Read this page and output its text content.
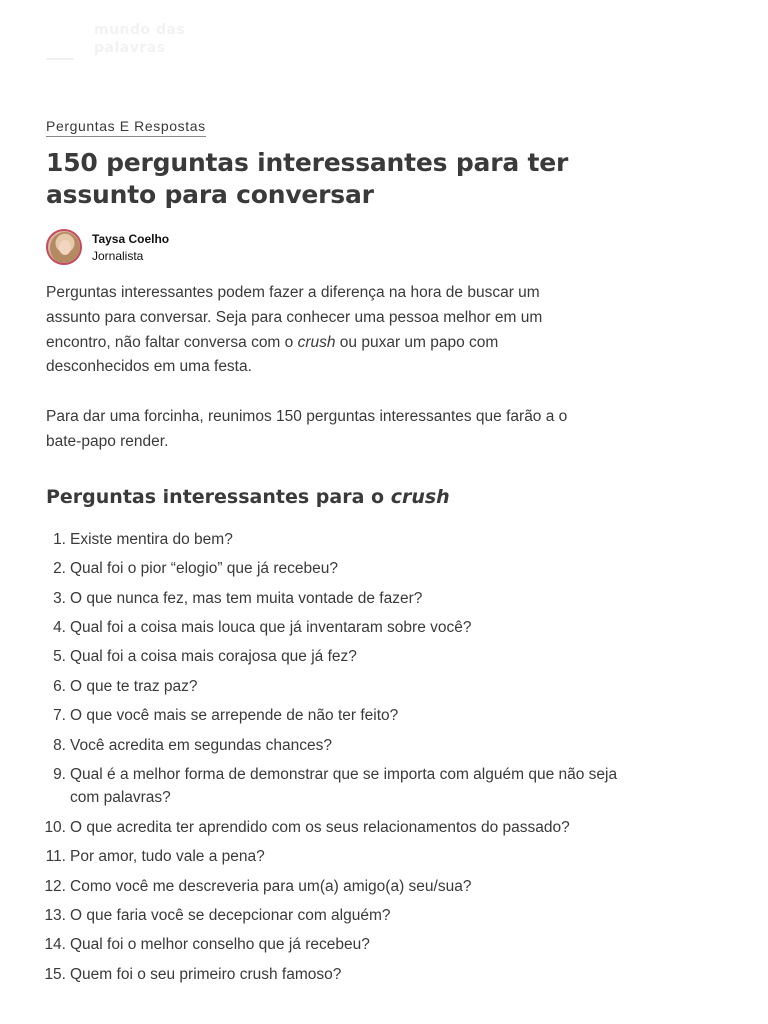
mundo das
palavras
Perguntas E Respostas
150 perguntas interessantes para ter assunto para conversar
Taysa Coelho
Jornalista

Perguntas interessantes podem fazer a diferença na hora de buscar um assunto para conversar. Seja para conhecer uma pessoa melhor em um encontro, não faltar conversa com o crush ou puxar um papo com desconhecidos em uma festa.

Para dar uma forcinha, reunimos 150 perguntas interessantes que farão a o bate-papo render.

Perguntas interessantes para o crush
1. Existe mentira do bem?
2. Qual foi o pior “elogio” que já recebeu?
3. O que nunca fez, mas tem muita vontade de fazer?
4. Qual foi a coisa mais louca que já inventaram sobre você?
5. Qual foi a coisa mais corajosa que já fez?
6. O que te traz paz?
7. O que você mais se arrepende de não ter feito?
8. Você acredita em segundas chances?
9. Qual é a melhor forma de demonstrar que se importa com alguém que não seja com palavras?
10. O que acredita ter aprendido com os seus relacionamentos do passado?
11. Por amor, tudo vale a pena?
12. Como você me descreveria para um(a) amigo(a) seu/sua?
13. O que faria você se decepcionar com alguém?
14. Qual foi o melhor conselho que já recebeu?
15. Quem foi o seu primeiro crush famoso?
